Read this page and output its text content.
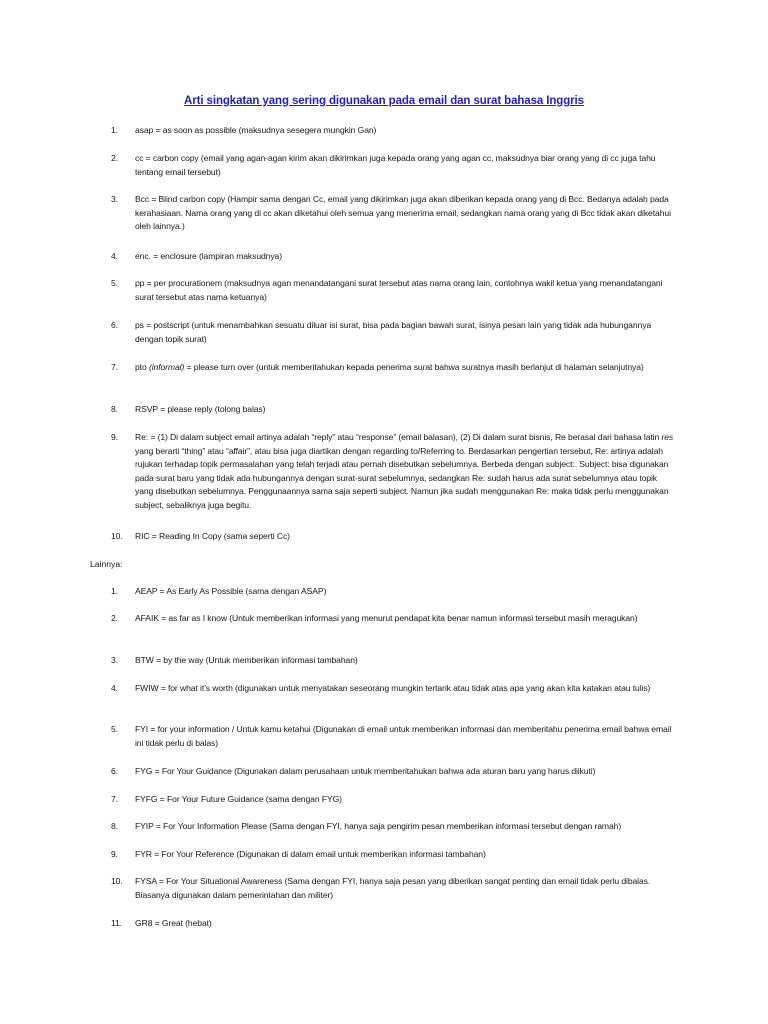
Arti singkatan yang sering digunakan pada email dan surat bahasa Inggris
1. asap = as soon as possible (maksudnya sesegera mungkin Gan)
2. cc = carbon copy (email yang agan-agan kirim akan dikirimkan juga kepada orang yang agan cc, maksudnya biar orang yang di cc juga tahu tentang email tersebut)
3. Bcc = Blind carbon copy (Hampir sama dengan Cc, email yang dikirimkan juga akan diberikan kepada orang yang di Bcc. Bedanya adalah pada kerahasiaan. Nama orang yang di cc akan diketahui oleh semua yang menerima email, sedangkan nama orang yang di Bcc tidak akan diketahui oleh lainnya.)
4. enc. = enclosure (lampiran maksudnya)
5. pp = per procurationem (maksudnya agan menandatangani surat tersebut atas nama orang lain, contohnya wakil ketua yang menandatangani surat tersebut atas nama ketuanya)
6. ps = postscript (untuk menambahkan sesuatu diluar isi surat, bisa pada bagian bawah surat, isinya pesan lain yang tidak ada hubungannya dengan topik surat)
7. pto (informal) = please turn over (untuk memberitahukan kepada penerima surat bahwa suratnya masih berlanjut di halaman selanjutnya)
8. RSVP = please reply (tolong balas)
9. Re: = (1) Di dalam subject email artinya adalah “reply” atau “response” (email balasan), (2) Di dalam surat bisnis, Re berasal dari bahasa latin res yang berarti “thing” atau “affair”, atau bisa juga diartikan dengan regarding to/Referring to. Berdasarkan pengertian tersebut, Re: artinya adalah rujukan terhadap topik permasalahan yang telah terjadi atau pernah disebutkan sebelumnya. Berbeda dengan subject:. Subject: bisa digunakan pada surat baru yang tidak ada hubungannya dengan surat-surat sebelumnya, sedangkan Re: sudah harus ada surat sebelumnya atau topik yang disebutkan sebelumnya. Penggunaannya sama saja seperti subject. Namun jika sudah menggunakan Re: maka tidak perlu menggunakan subject, sebaliknya juga begitu.
10. RIC = Reading In Copy (sama seperti Cc)
Lainnya:
1. AEAP = As Early As Possible (sama dengan ASAP)
2. AFAIK = as far as I know (Untuk memberikan informasi yang menurut pendapat kita benar namun informasi tersebut masih meragukan)
3. BTW = by the way (Untuk memberikan informasi tambahan)
4. FWIW = for what it’s worth (digunakan untuk menyatakan seseorang mungkin tertarik atau tidak atas apa yang akan kita katakan atau tulis)
5. FYI = for your information / Untuk kamu ketahui (Digunakan di email untuk memberikan informasi dan memberitahu penerima email bahwa email ini tidak perlu di balas)
6. FYG = For Your Guidance (Digunakan dalam perusahaan untuk memberitahukan bahwa ada aturan baru yang harus diikuti)
7. FYFG = For Your Future Guidance (sama dengan FYG)
8. FYIP = For Your Information Please (Sama dengan FYI, hanya saja pengirim pesan memberikan informasi tersebut dengan ramah)
9. FYR = For Your Reference (Digunakan di dalam email untuk memberikan informasi tambahan)
10. FYSA = For Your Situational Awareness (Sama dengan FYI, hanya saja pesan yang diberikan sangat penting dan email tidak perlu dibalas. Biasanya digunakan dalam pemerintahan dan militer)
11. GR8 = Great (hebat)
